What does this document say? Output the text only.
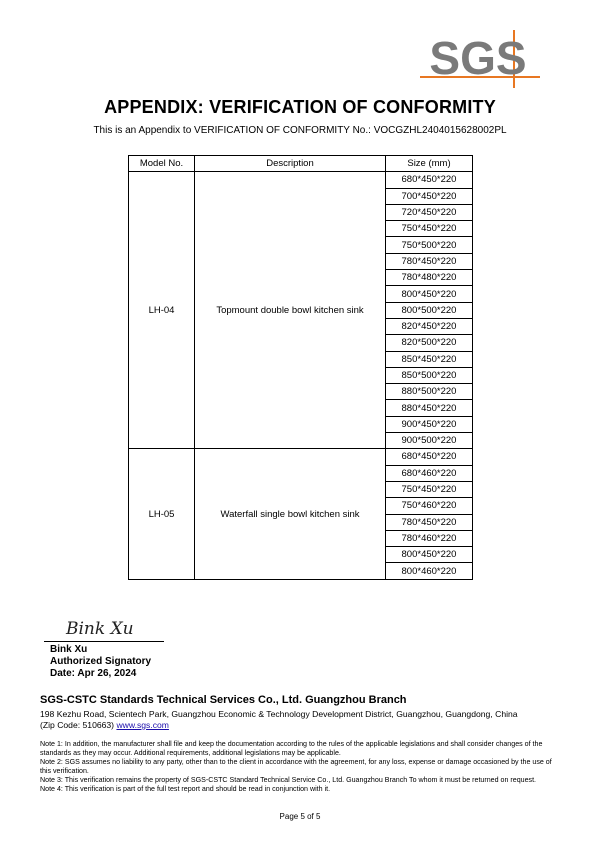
SGS
APPENDIX: VERIFICATION OF CONFORMITY
This is an Appendix to VERIFICATION OF CONFORMITY No.: VOCGZHL2404015628002PL
Model No.	Description	Size (mm)
LH-04	Topmount double bowl kitchen sink	680*450*220
		700*450*220
		720*450*220
		750*450*220
		750*500*220
		780*450*220
		780*480*220
		800*450*220
		800*500*220
		820*450*220
		820*500*220
		850*450*220
		850*500*220
		880*500*220
		880*450*220
		900*450*220
		900*500*220
LH-05	Waterfall single bowl kitchen sink	680*450*220
		680*460*220
		750*450*220
		750*460*220
		780*450*220
		780*460*220
		800*450*220
		800*460*220
Bink Xu
Bink Xu
Authorized Signatory
Date: Apr 26, 2024
SGS-CSTC Standards Technical Services Co., Ltd. Guangzhou Branch
198 Kezhu Road, Scientech Park, Guangzhou Economic & Technology Development District, Guangzhou, Guangdong, China
(Zip Code: 510663) www.sgs.com

Note 1: In addition, the manufacturer shall file and keep the documentation according to the rules of the applicable legislations and shall consider changes of the standards as they may occur. Additional requirements, additional legislations may be applicable.

Note 2: SGS assumes no liability to any party, other than to the client in accordance with the agreement, for any loss, expense or damage occasioned by the use of this verification.

Note 3: This verification remains the property of SGS-CSTC Standard Technical Service Co., Ltd. Guangzhou Branch To whom it must be returned on request.

Note 4: This verification is part of the full test report and should be read in conjunction with it.

Page 5 of 5
